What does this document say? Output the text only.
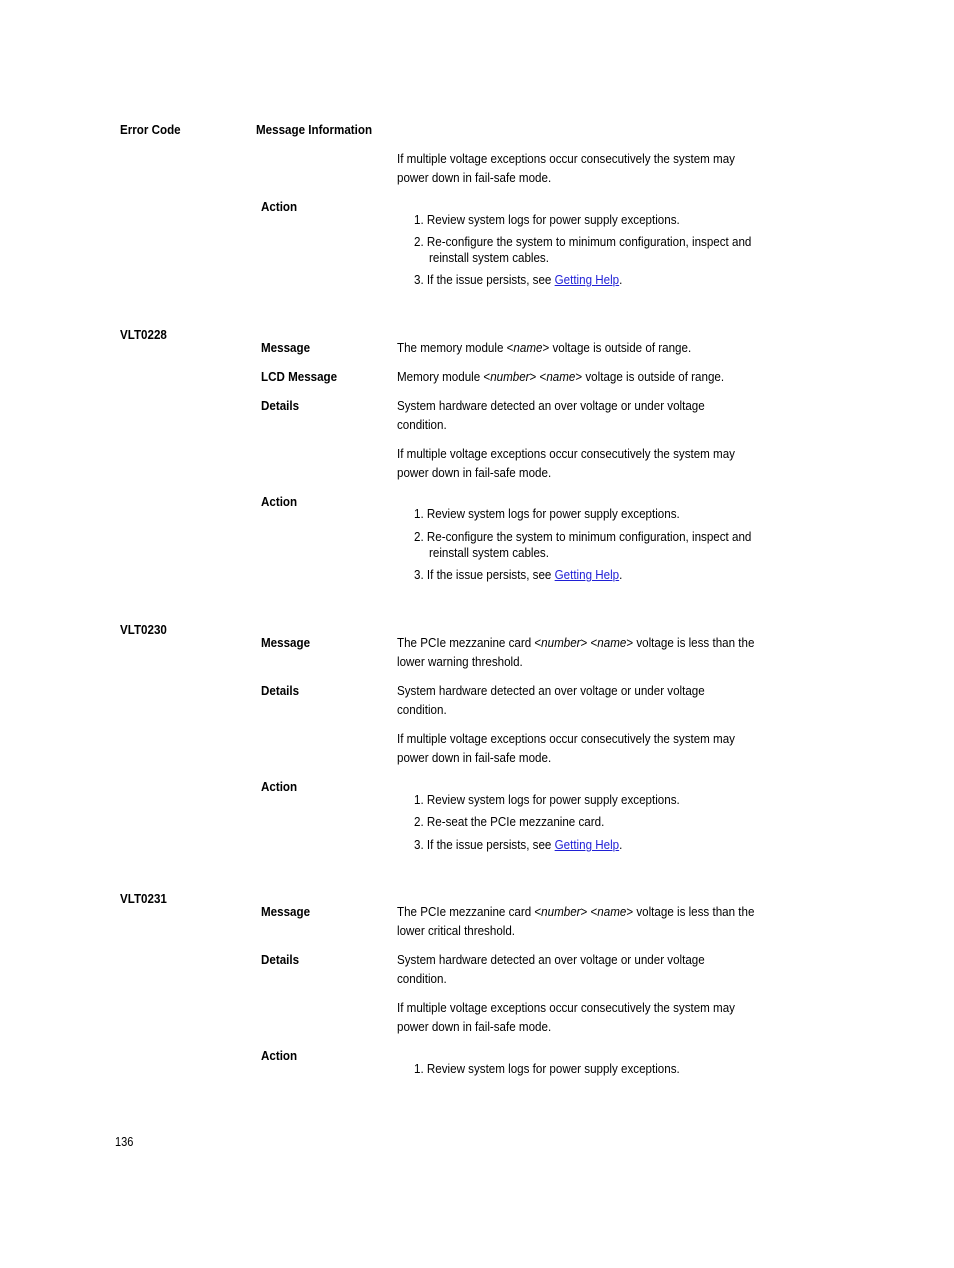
Error Code	Message Information
If multiple voltage exceptions occur consecutively the system may
power down in fail-safe mode.
Action
1. Review system logs for power supply exceptions.
2. Re-configure the system to minimum configuration, inspect and
reinstall system cables.
3. If the issue persists, see Getting Help.
VLT0228
Message	The memory module <name> voltage is outside of range.
LCD Message	Memory module <number> <name> voltage is outside of range.
Details	System hardware detected an over voltage or under voltage
condition.
If multiple voltage exceptions occur consecutively the system may
power down in fail-safe mode.
Action
1. Review system logs for power supply exceptions.
2. Re-configure the system to minimum configuration, inspect and
reinstall system cables.
3. If the issue persists, see Getting Help.
VLT0230
Message	The PCIe mezzanine card <number> <name> voltage is less than the
lower warning threshold.
Details	System hardware detected an over voltage or under voltage
condition.
If multiple voltage exceptions occur consecutively the system may
power down in fail-safe mode.
Action
1. Review system logs for power supply exceptions.
2. Re-seat the PCIe mezzanine card.
3. If the issue persists, see Getting Help.
VLT0231
Message	The PCIe mezzanine card <number> <name> voltage is less than the
lower critical threshold.
Details	System hardware detected an over voltage or under voltage
condition.
If multiple voltage exceptions occur consecutively the system may
power down in fail-safe mode.
Action
1. Review system logs for power supply exceptions.
136
